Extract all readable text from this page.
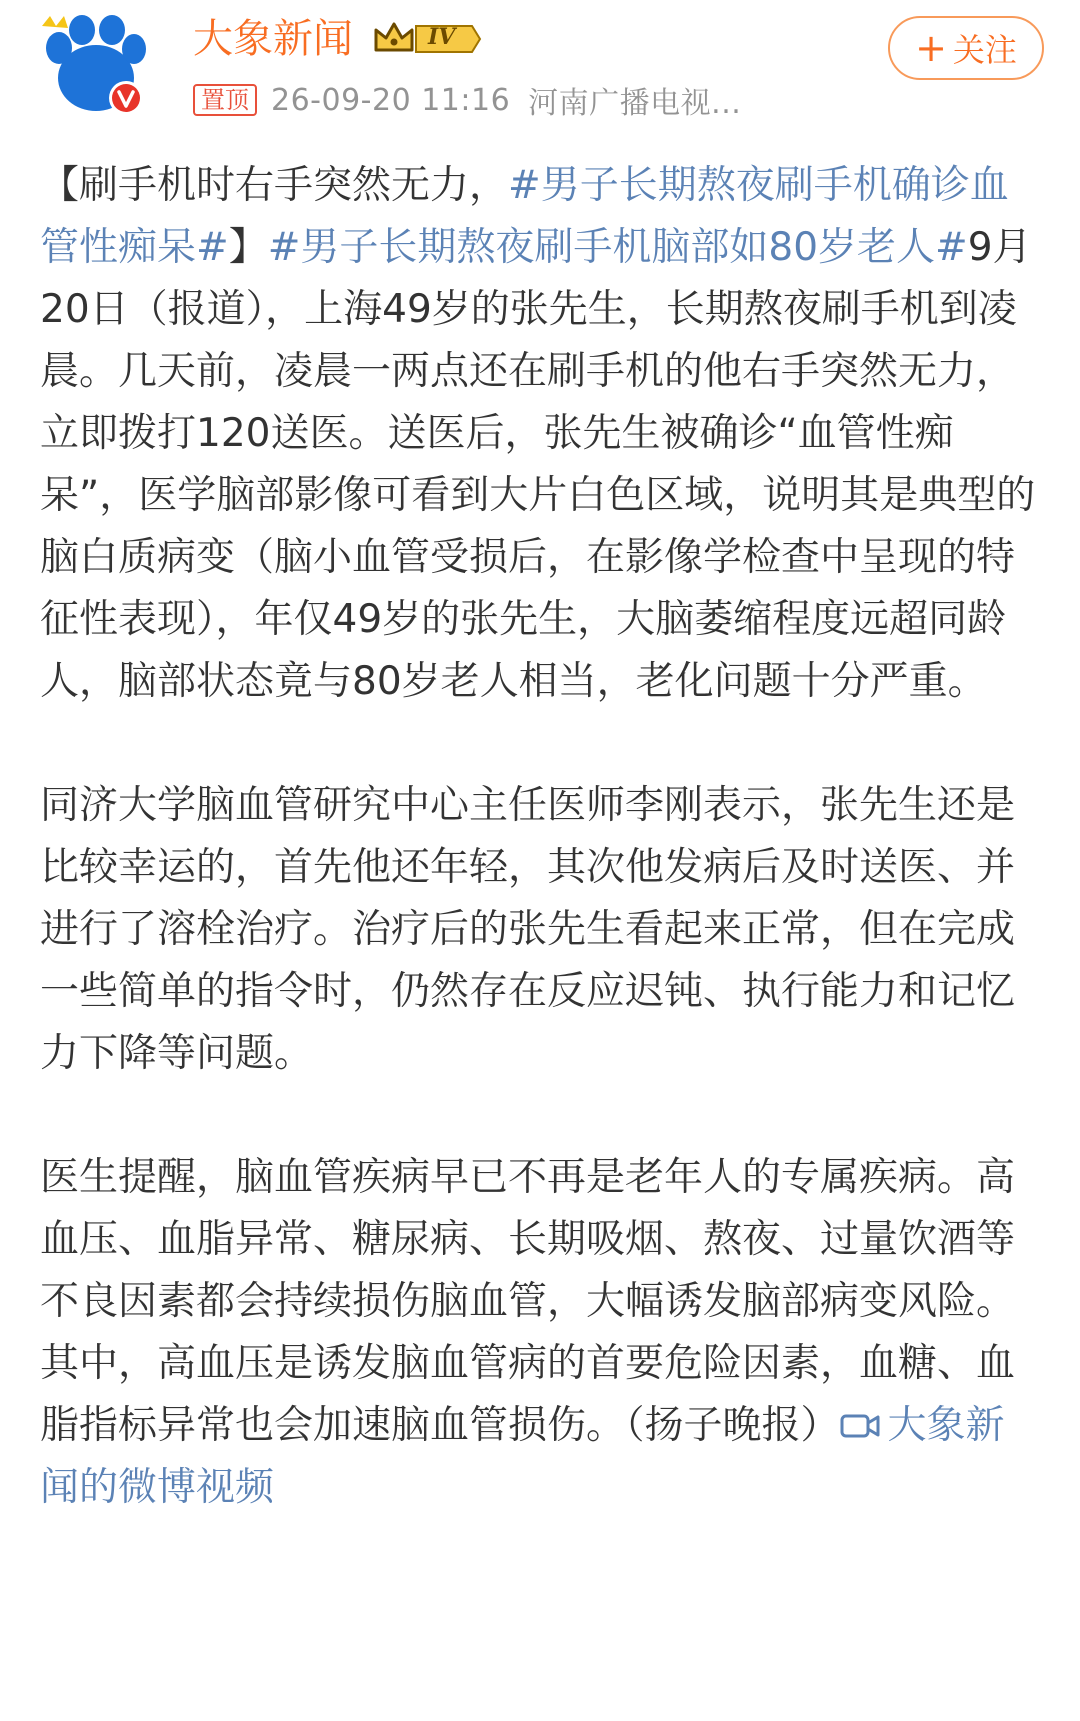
大象新闻	IV
置顶 26-09-20 11:16 河南广播电视...
+ 关注

【刷手机时右手突然无力，#男子长期熬夜刷手机确诊血管性痴呆#】#男子长期熬夜刷手机脑部如80岁老人#9月20日（报道），上海49岁的张先生，长期熬夜刷手机到凌晨。几天前，凌晨一两点还在刷手机的他右手突然无力，立即拨打120送医。送医后，张先生被确诊“血管性痴呆”，医学脑部影像可看到大片白色区域，说明其是典型的脑白质病变（脑小血管受损后，在影像学检查中呈现的特征性表现），年仅49岁的张先生，大脑萎缩程度远超同龄人，脑部状态竟与80岁老人相当，老化问题十分严重。

同济大学脑血管研究中心主任医师李刚表示，张先生还是比较幸运的，首先他还年轻，其次他发病后及时送医、并进行了溶栓治疗。治疗后的张先生看起来正常，但在完成一些简单的指令时，仍然存在反应迟钝、执行能力和记忆力下降等问题。

医生提醒，脑血管疾病早已不再是老年人的专属疾病。高血压、血脂异常、糖尿病、长期吸烟、熬夜、过量饮酒等不良因素都会持续损伤脑血管，大幅诱发脑部病变风险。其中，高血压是诱发脑血管病的首要危险因素，血糖、血脂指标异常也会加速脑血管损伤。（扬子晚报） 大象新闻的微博视频
